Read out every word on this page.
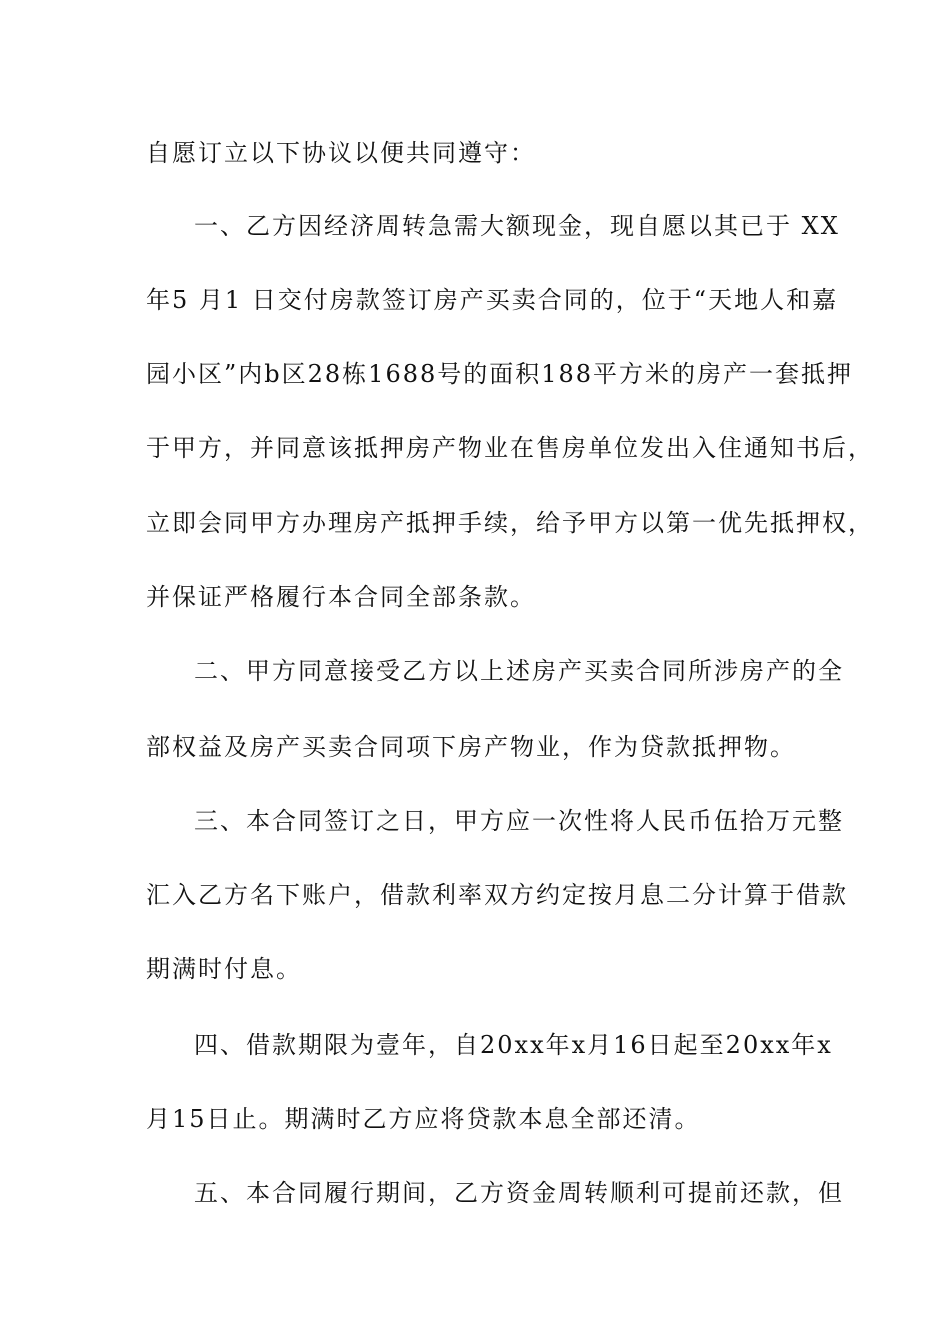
自愿订立以下协议以便共同遵守：
一、乙方因经济周转急需大额现金，现自愿以其已于 XX
年5 月1 日交付房款签订房产买卖合同的，位于“天地人和嘉
园小区”内b区28栋1688号的面积188平方米的房产一套抵押
于甲方，并同意该抵押房产物业在售房单位发出入住通知书后，
立即会同甲方办理房产抵押手续，给予甲方以第一优先抵押权，
并保证严格履行本合同全部条款。
二、甲方同意接受乙方以上述房产买卖合同所涉房产的全
部权益及房产买卖合同项下房产物业，作为贷款抵押物。
三、本合同签订之日，甲方应一次性将人民币伍拾万元整
汇入乙方名下账户，借款利率双方约定按月息二分计算于借款
期满时付息。
四、借款期限为壹年，自20xx年x月16日起至20xx年x
月15日止。期满时乙方应将贷款本息全部还清。
五、本合同履行期间，乙方资金周转顺利可提前还款，但
